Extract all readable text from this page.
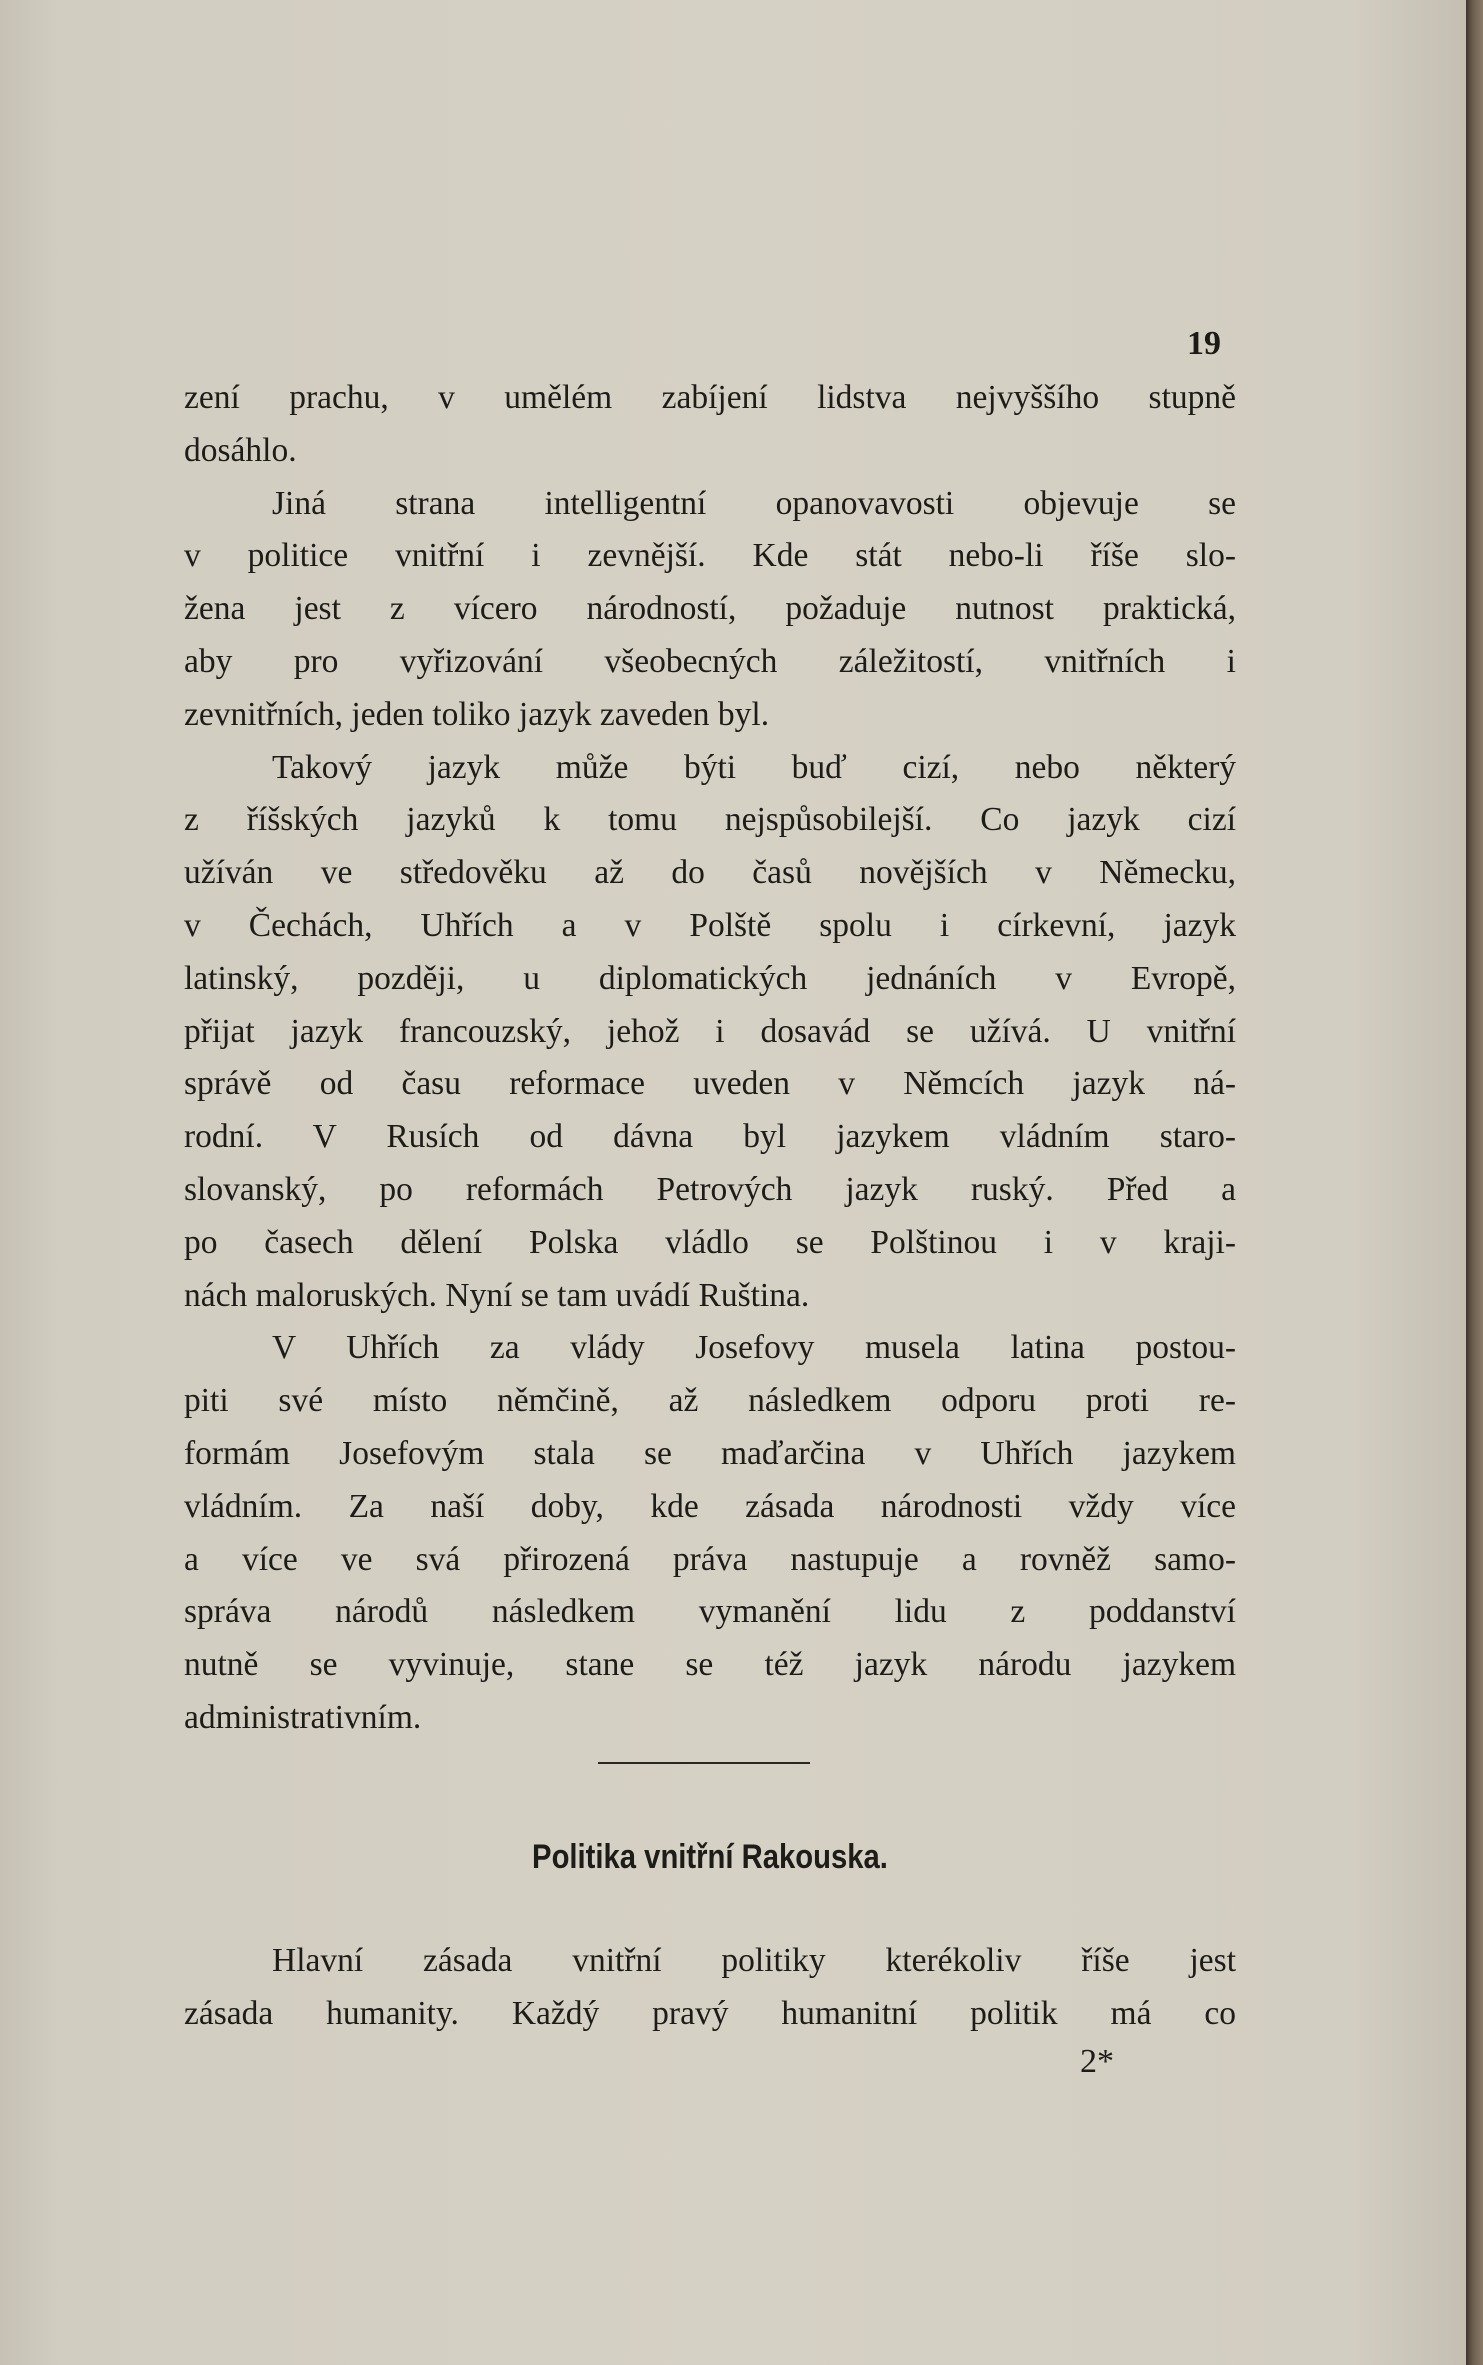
19

zení prachu, v umělém zabíjení lidstva nejvyššího stupně
dosáhlo.

Jiná strana intelligentní opanovavosti objevuje se
v politice vnitřní i zevnější. Kde stát nebo-li říše slo-
žena jest z vícero národností, požaduje nutnost praktická,
aby pro vyřizování všeobecných záležitostí, vnitřních i
zevnitřních, jeden toliko jazyk zaveden byl.

Takový jazyk může býti buď cizí, nebo některý
z říšských jazyků k tomu nejspůsobilejší. Co jazyk cizí
užíván ve středověku až do časů novějších v Německu,
v Čechách, Uhřích a v Polště spolu i církevní, jazyk
latinský, později, u diplomatických jednáních v Evropě,
přijat jazyk francouzský, jehož i dosavád se užívá. U vnitřní
správě od času reformace uveden v Němcích jazyk ná-
rodní. V Rusích od dávna byl jazykem vládním staro-
slovanský, po reformách Petrových jazyk ruský. Před a
po časech dělení Polska vládlo se Polštinou i v kraji-
nách maloruských. Nyní se tam uvádí Ruština.

V Uhřích za vlády Josefovy musela latina postou-
piti své místo němčině, až následkem odporu proti re-
formám Josefovým stala se maďarčina v Uhřích jazykem
vládním. Za naší doby, kde zásada národnosti vždy více
a více ve svá přirozená práva nastupuje a rovněž samo-
správa národů následkem vymanění lidu z poddanství
nutně se vyvinuje, stane se též jazyk národu jazykem
administrativním.

Politika vnitřní Rakouska.

Hlavní zásada vnitřní politiky kterékoliv říše jest
zásada humanity. Každý pravý humanitní politik má co

2*
